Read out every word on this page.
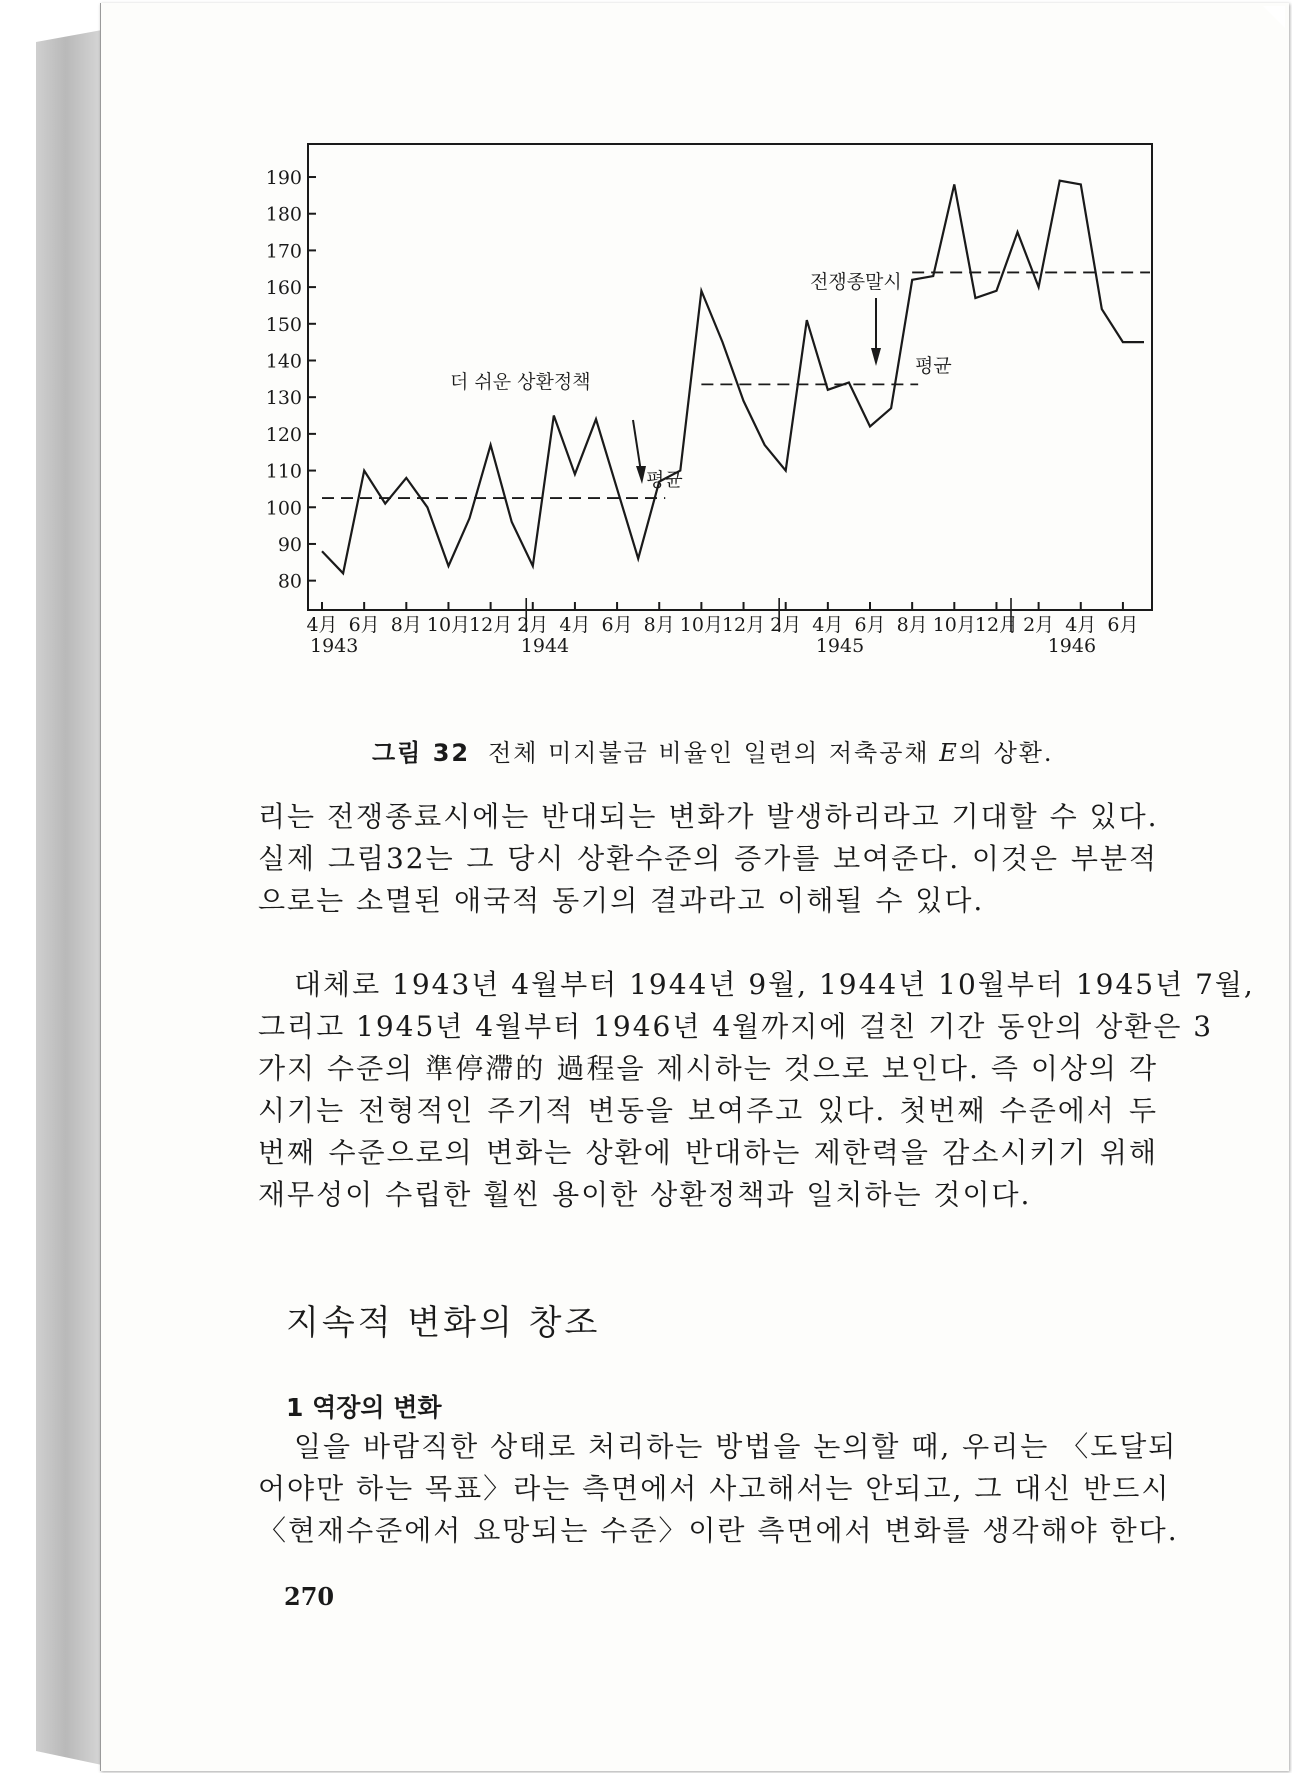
190
180
170
160
150
140
130
120
110
100
90
80
4月 6月 8月 10月
12月 2月 4月 6月 8月 10月
12月 2月 4月 6月 8月 10月
12月 2月 4月 6月
더 쉬운 상환정책
전쟁종말시
평균
평균
1943	1944	1945	1946
그림 32 전체 미지불금 비율인 일련의 저축공채 E의 상환.
리는 전쟁종료시에는 반대되는 변화가 발생하리라고 기대할 수 있다.
실제 그림32는 그 당시 상환수준의 증가를 보여준다. 이것은 부분적
으로는 소멸된 애국적 동기의 결과라고 이해될 수 있다.
대체로 1943년 4월부터 1944년 9월, 1944년 10월부터 1945년 7월,
그리고 1945년 4월부터 1946년 4월까지에 걸친 기간 동안의 상환은 3
가지 수준의 準停滯的 過程을 제시하는 것으로 보인다. 즉 이상의 각
시기는 전형적인 주기적 변동을 보여주고 있다. 첫번째 수준에서 두
번째 수준으로의 변화는 상환에 반대하는 제한력을 감소시키기 위해
재무성이 수립한 훨씬 용이한 상환정책과 일치하는 것이다.
지속적 변화의 창조
1 역장의 변화
일을 바람직한 상태로 처리하는 방법을 논의할 때, 우리는 〈도달되
어야만 하는 목표〉라는 측면에서 사고해서는 안되고, 그 대신 반드시
〈현재수준에서 요망되는 수준〉이란 측면에서 변화를 생각해야 한다.
270
